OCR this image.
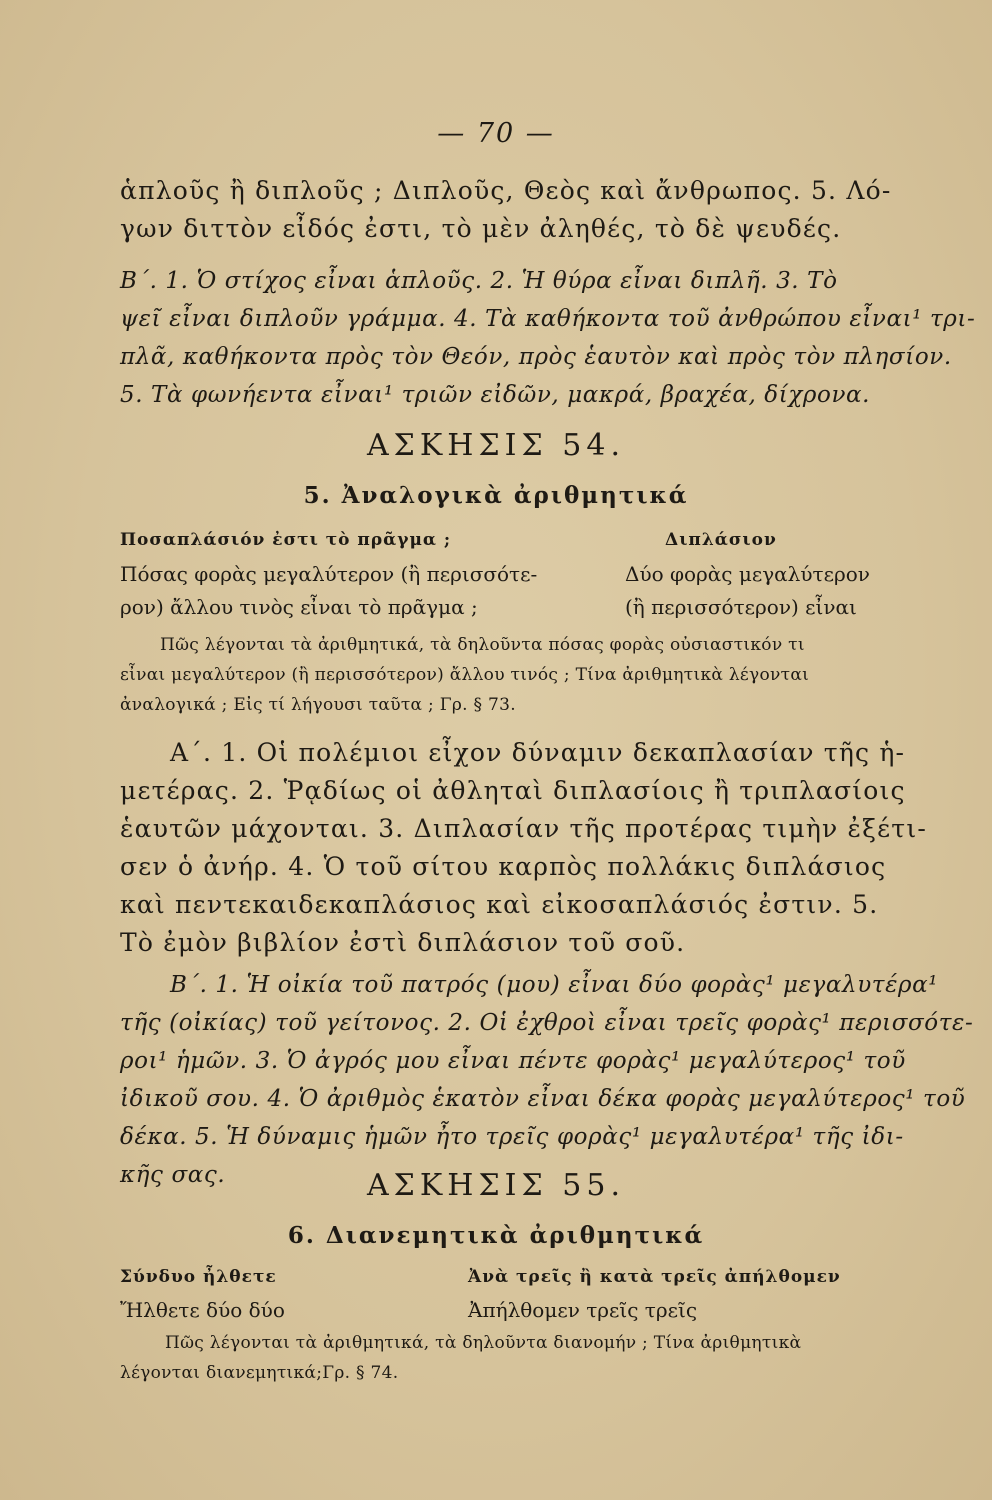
— 70 —
ἁπλοῦς ἢ διπλοῦς ; Διπλοῦς, Θεὸς καὶ ἄνθρωπος. 5. Λό-
γων διττὸν εἶδός ἐστι, τὸ μὲν ἀληθές, τὸ δὲ ψευδές.
Β΄. 1. Ὁ στίχος εἶναι ἁπλοῦς. 2. Ἡ θύρα εἶναι διπλῆ. 3. Τὸ
ψεῖ εἶναι διπλοῦν γράμμα. 4. Τὰ καθήκοντα τοῦ ἀνθρώπου εἶναι¹ τρι-
πλᾶ, καθήκοντα πρὸς τὸν Θεόν, πρὸς ἑαυτὸν καὶ πρὸς τὸν πλησίον.
5. Τὰ φωνήεντα εἶναι¹ τριῶν εἰδῶν, μακρά, βραχέα, δίχρονα.
ΑΣΚΗΣΙΣ 54.
5. Ἀναλογικὰ ἀριθμητικά
Ποσαπλάσιόν ἐστι τὸ πρᾶγμα ;
Πόσας φορὰς μεγαλύτερον (ἢ περισσότε-
ρον) ἄλλου τινὸς εἶναι τὸ πρᾶγμα ;
Διπλάσιον
Δύο φορὰς μεγαλύτερον
(ἢ περισσότερον) εἶναι
Πῶς λέγονται τὰ ἀριθμητικά, τὰ δηλοῦντα πόσας φορὰς οὐσιαστικόν τι
εἶναι μεγαλύτερον (ἢ περισσότερον) ἄλλου τινός ; Τίνα ἀριθμητικὰ λέγονται
ἀναλογικά ; Εἰς τί λήγουσι ταῦτα ; Γρ. § 73.
Α΄. 1. Οἱ πολέμιοι εἶχον δύναμιν δεκαπλασίαν τῆς ἡ-
μετέρας. 2. Ῥᾳδίως οἱ ἀθληταὶ διπλασίοις ἢ τριπλασίοις
ἑαυτῶν μάχονται. 3. Διπλασίαν τῆς προτέρας τιμὴν ἐξέτι-
σεν ὁ ἀνήρ. 4. Ὁ τοῦ σίτου καρπὸς πολλάκις διπλάσιος
καὶ πεντεκαιδεκαπλάσιος καὶ εἰκοσαπλάσιός ἐστιν. 5.
Τὸ ἐμὸν βιβλίον ἐστὶ διπλάσιον τοῦ σοῦ.
Β΄. 1. Ἡ οἰκία τοῦ πατρός (μου) εἶναι δύο φορὰς¹ μεγαλυτέρα¹
τῆς (οἰκίας) τοῦ γείτονος. 2. Οἱ ἐχθροὶ εἶναι τρεῖς φορὰς¹ περισσότε-
ροι¹ ἡμῶν. 3. Ὁ ἀγρός μου εἶναι πέντε φορὰς¹ μεγαλύτερος¹ τοῦ
ἰδικοῦ σου. 4. Ὁ ἀριθμὸς ἑκατὸν εἶναι δέκα φορὰς μεγαλύτερος¹ τοῦ
δέκα. 5. Ἡ δύναμις ἡμῶν ἦτο τρεῖς φορὰς¹ μεγαλυτέρα¹ τῆς ἰδι-
κῆς σας.	ΑΣΚΗΣΙΣ 55.
6. Διανεμητικὰ ἀριθμητικά
Σύνδυο ἦλθετε
Ἤλθετε δύο δύο
Ἀνὰ τρεῖς ἢ κατὰ τρεῖς ἀπήλθομεν
Ἀπήλθομεν τρεῖς τρεῖς
Πῶς λέγονται τὰ ἀριθμητικά, τὰ δηλοῦντα διανομήν ; Τίνα ἀριθμητικὰ
λέγονται διανεμητικά;Γρ. § 74.
